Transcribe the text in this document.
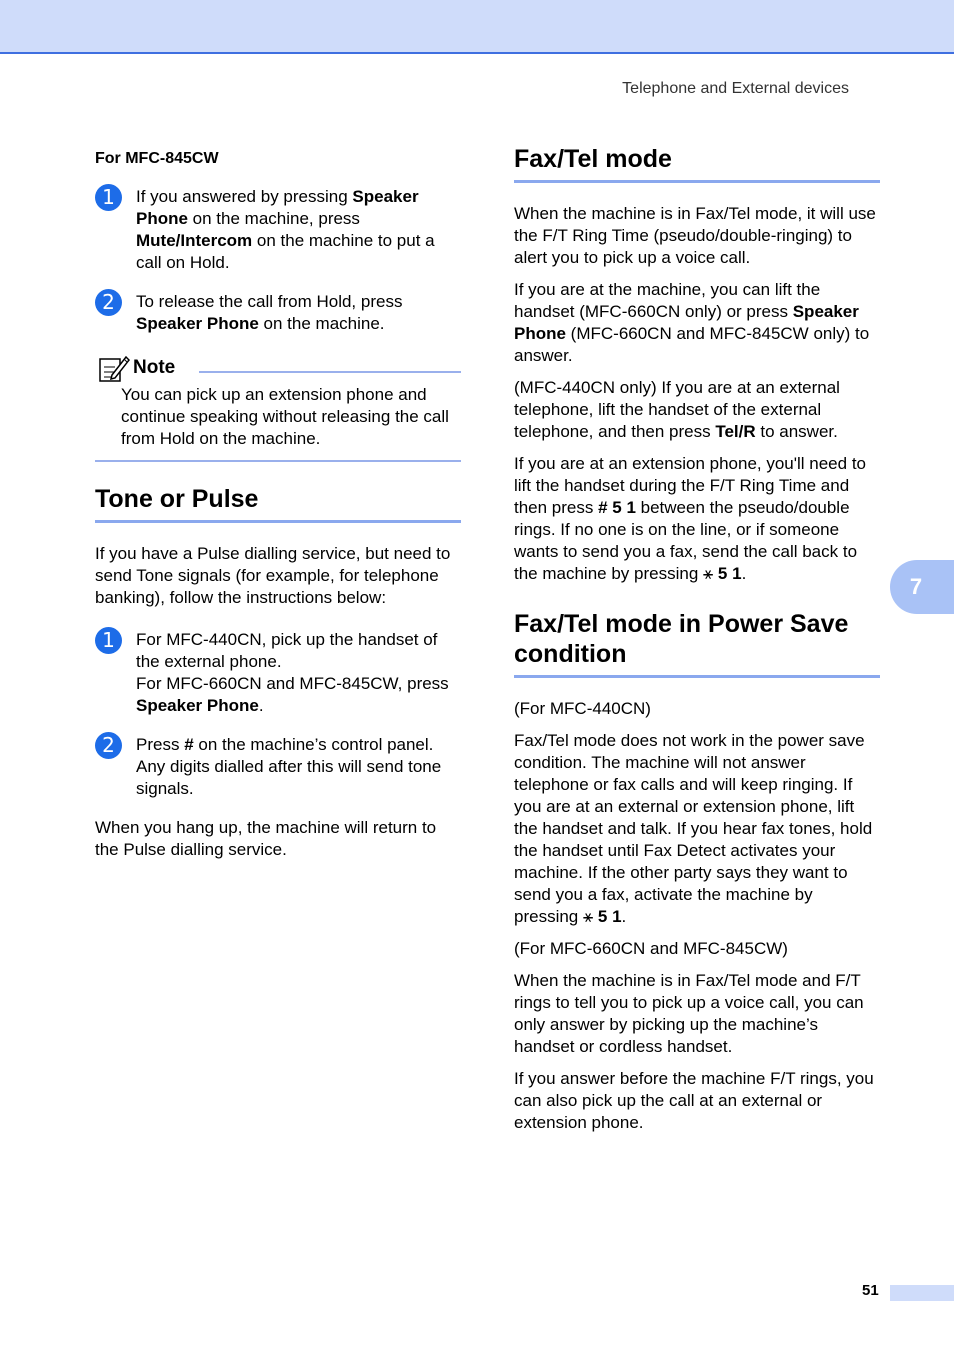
Telephone and External devices
For MFC-845CW
1	If you answered by pressing Speaker Phone on the machine, press Mute/Intercom on the machine to put a call on Hold.
2	To release the call from Hold, press Speaker Phone on the machine.
Note
You can pick up an extension phone and continue speaking without releasing the call from Hold on the machine.
Tone or Pulse

If you have a Pulse dialling service, but need to send Tone signals (for example, for telephone banking), follow the instructions below:

1	For MFC-440CN, pick up the handset of the external phone.
For MFC-660CN and MFC-845CW, press Speaker Phone.
2	Press # on the machine’s control panel. Any digits dialled after this will send tone signals.

When you hang up, the machine will return to the Pulse dialling service.

Fax/Tel mode

When the machine is in Fax/Tel mode, it will use the F/T Ring Time (pseudo/double-ringing) to alert you to pick up a voice call.

If you are at the machine, you can lift the handset (MFC-660CN only) or press Speaker Phone (MFC-660CN and MFC-845CW only) to answer.

(MFC-440CN only) If you are at an external telephone, lift the handset of the external telephone, and then press Tel/R to answer.

If you are at an extension phone, you'll need to lift the handset during the F/T Ring Time and then press # 5 1 between the pseudo/double rings. If no one is on the line, or if someone wants to send you a fax, send the call back to the machine by pressing ⚹ 5 1.

Fax/Tel mode in Power Save condition

(For MFC-440CN)

Fax/Tel mode does not work in the power save condition. The machine will not answer telephone or fax calls and will keep ringing. If you are at an external or extension phone, lift the handset and talk. If you hear fax tones, hold the handset until Fax Detect activates your machine. If the other party says they want to send you a fax, activate the machine by pressing ⚹ 5 1.

(For MFC-660CN and MFC-845CW)

When the machine is in Fax/Tel mode and F/T rings to tell you to pick up a voice call, you can only answer by picking up the machine’s handset or cordless handset.

If you answer before the machine F/T rings, you can also pick up the call at an external or extension phone.

7
51
